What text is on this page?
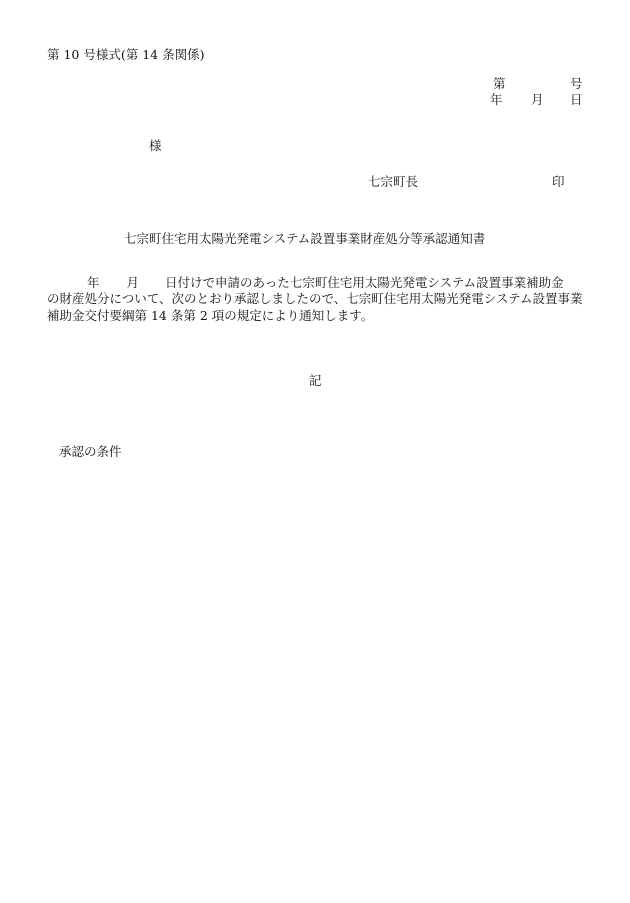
第 10 号様式(第 14 条関係)
第	号
年 月 日
様
七宗町長	印
七宗町住宅用太陽光発電システム設置事業財産処分等承認通知書
年 月 日付けで申請のあった七宗町住宅用太陽光発電システム設置事業補助金
の財産処分について、次のとおり承認しましたので、七宗町住宅用太陽光発電システム設置事業
補助金交付要綱第 14 条第 2 項の規定により通知します。
記
承認の条件
